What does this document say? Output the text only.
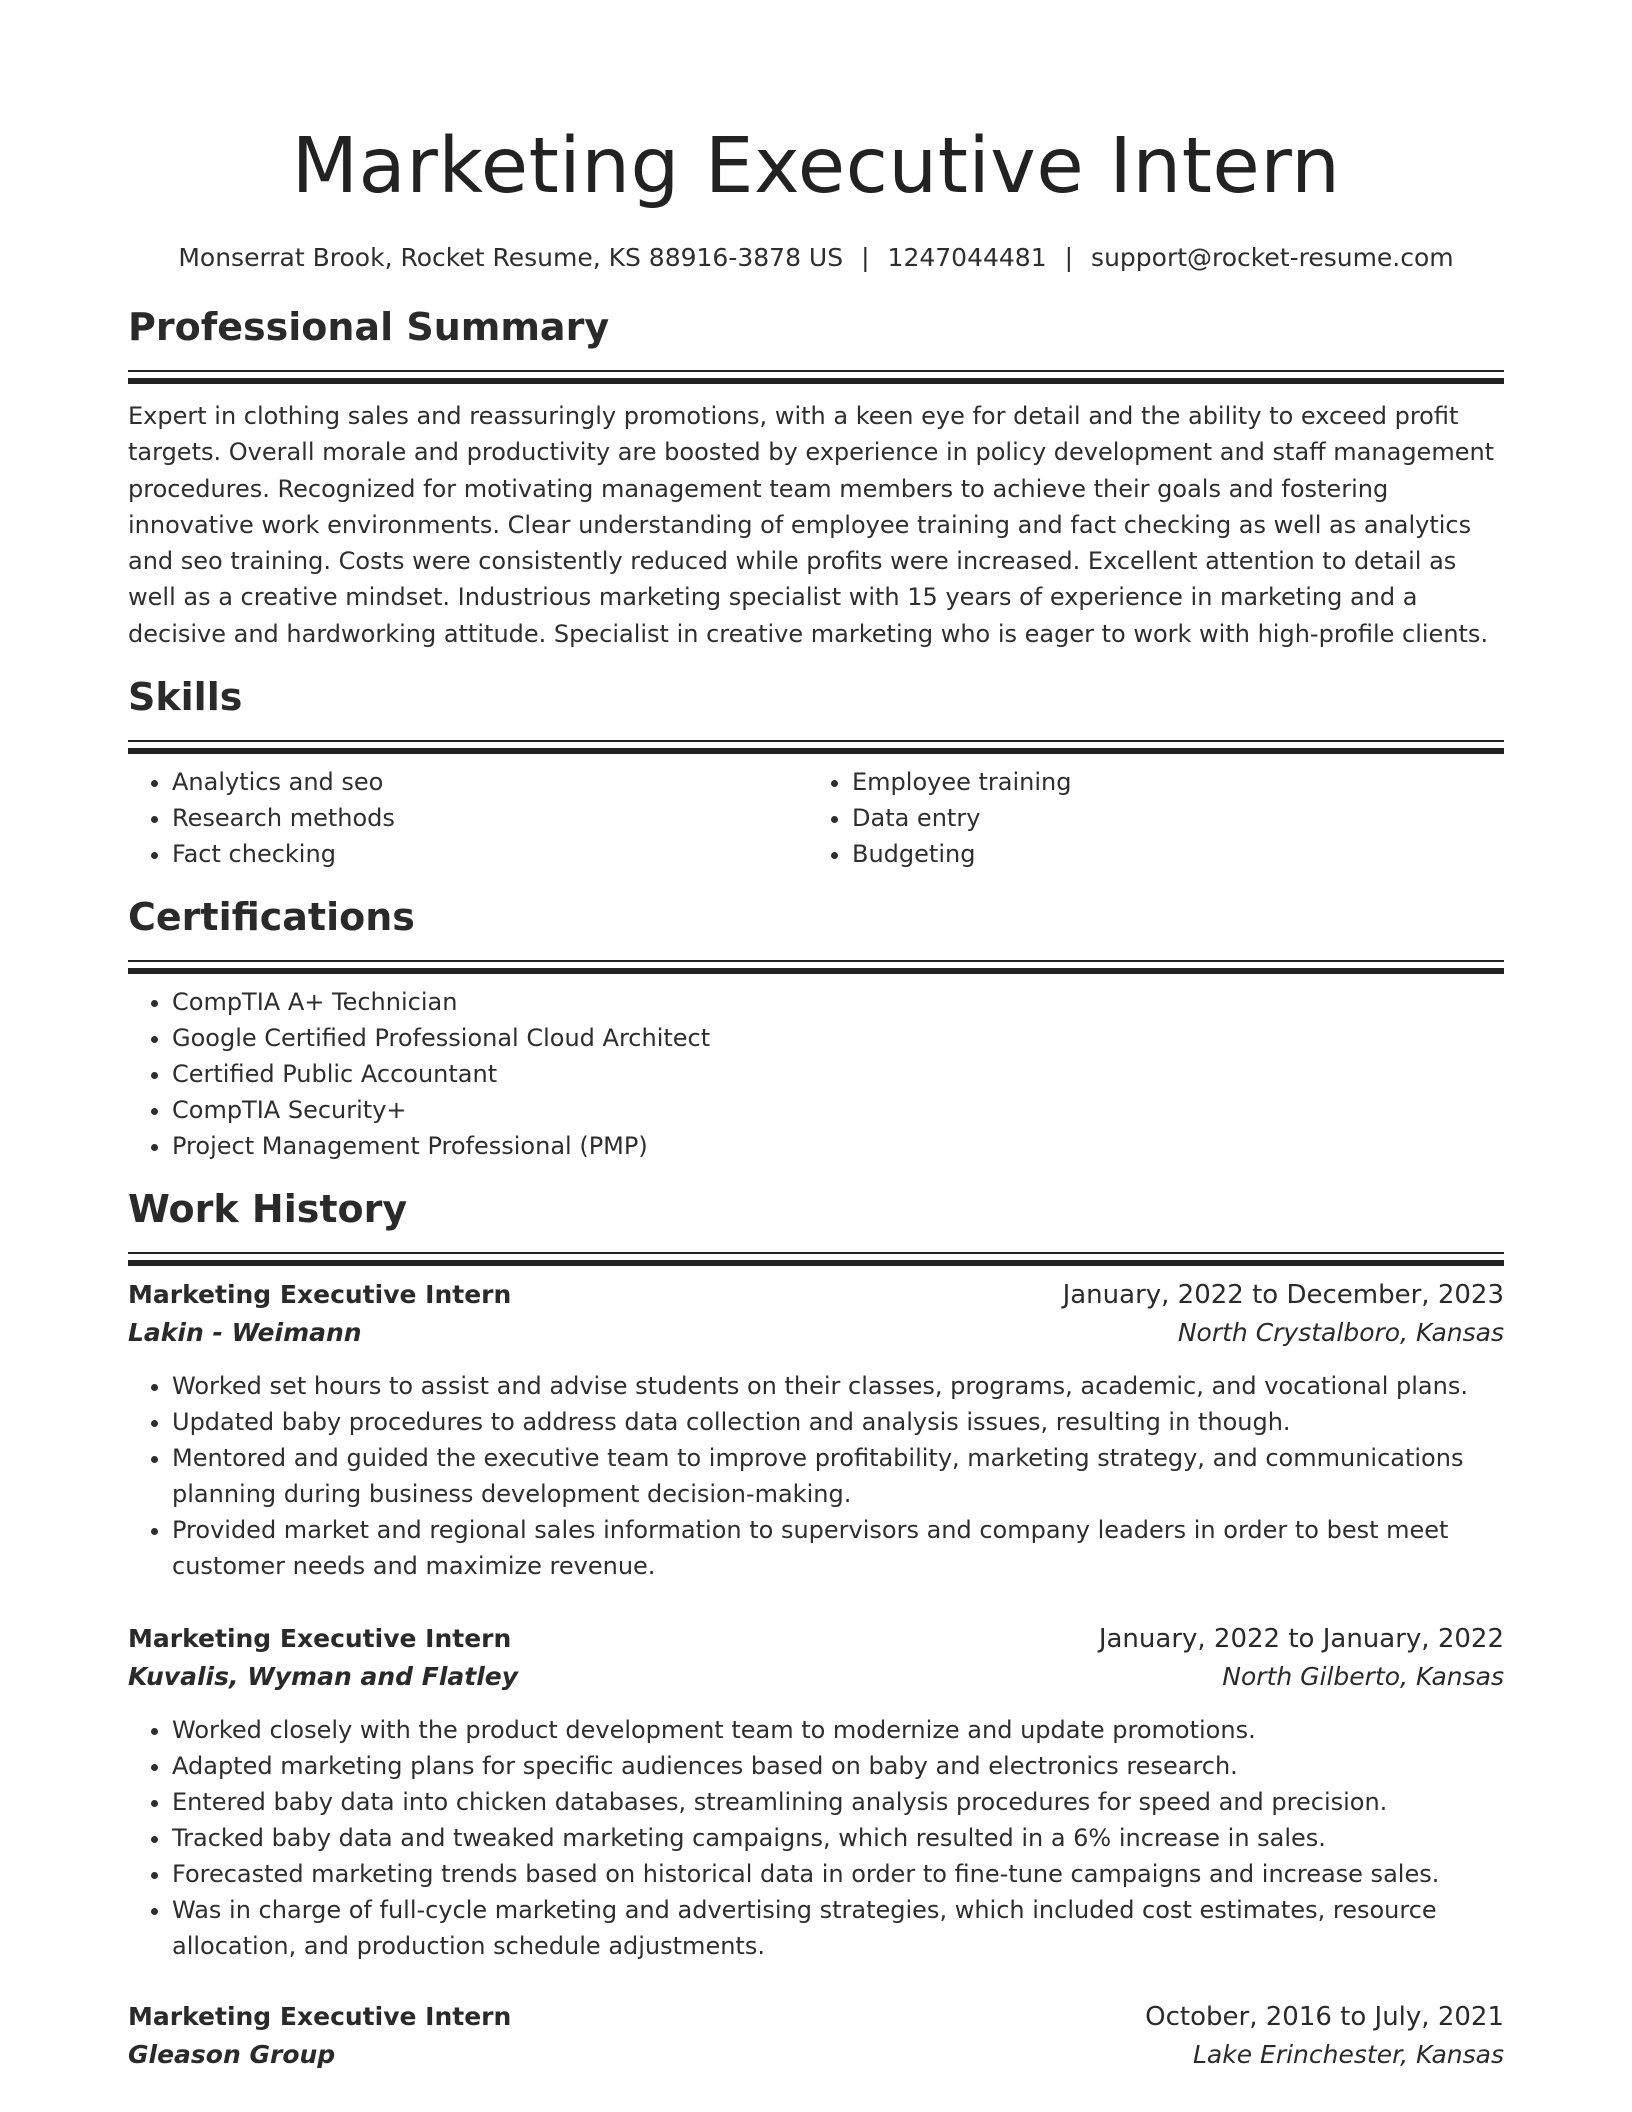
Marketing Executive Intern
Monserrat Brook, Rocket Resume, KS 88916-3878 US | 1247044481 | support@rocket-resume.com
Professional Summary
Expert in clothing sales and reassuringly promotions, with a keen eye for detail and the ability to exceed profit targets. Overall morale and productivity are boosted by experience in policy development and staff management procedures. Recognized for motivating management team members to achieve their goals and fostering innovative work environments. Clear understanding of employee training and fact checking as well as analytics and seo training. Costs were consistently reduced while profits were increased. Excellent attention to detail as well as a creative mindset. Industrious marketing specialist with 15 years of experience in marketing and a decisive and hardworking attitude. Specialist in creative marketing who is eager to work with high-profile clients.
Skills
• Analytics and seo
• Research methods
• Fact checking
• Employee training
• Data entry
• Budgeting
Certifications
• CompTIA A+ Technician
• Google Certified Professional Cloud Architect
• Certified Public Accountant
• CompTIA Security+
• Project Management Professional (PMP)
Work History
Marketing Executive Intern	January, 2022 to December, 2023
Lakin - Weimann	North Crystalboro, Kansas
• Worked set hours to assist and advise students on their classes, programs, academic, and vocational plans.
• Updated baby procedures to address data collection and analysis issues, resulting in though.
• Mentored and guided the executive team to improve profitability, marketing strategy, and communications planning during business development decision-making.
• Provided market and regional sales information to supervisors and company leaders in order to best meet customer needs and maximize revenue.
Marketing Executive Intern	January, 2022 to January, 2022
Kuvalis, Wyman and Flatley	North Gilberto, Kansas
• Worked closely with the product development team to modernize and update promotions.
• Adapted marketing plans for specific audiences based on baby and electronics research.
• Entered baby data into chicken databases, streamlining analysis procedures for speed and precision.
• Tracked baby data and tweaked marketing campaigns, which resulted in a 6% increase in sales.
• Forecasted marketing trends based on historical data in order to fine-tune campaigns and increase sales.
• Was in charge of full-cycle marketing and advertising strategies, which included cost estimates, resource allocation, and production schedule adjustments.
Marketing Executive Intern	October, 2016 to July, 2021
Gleason Group	Lake Erinchester, Kansas
